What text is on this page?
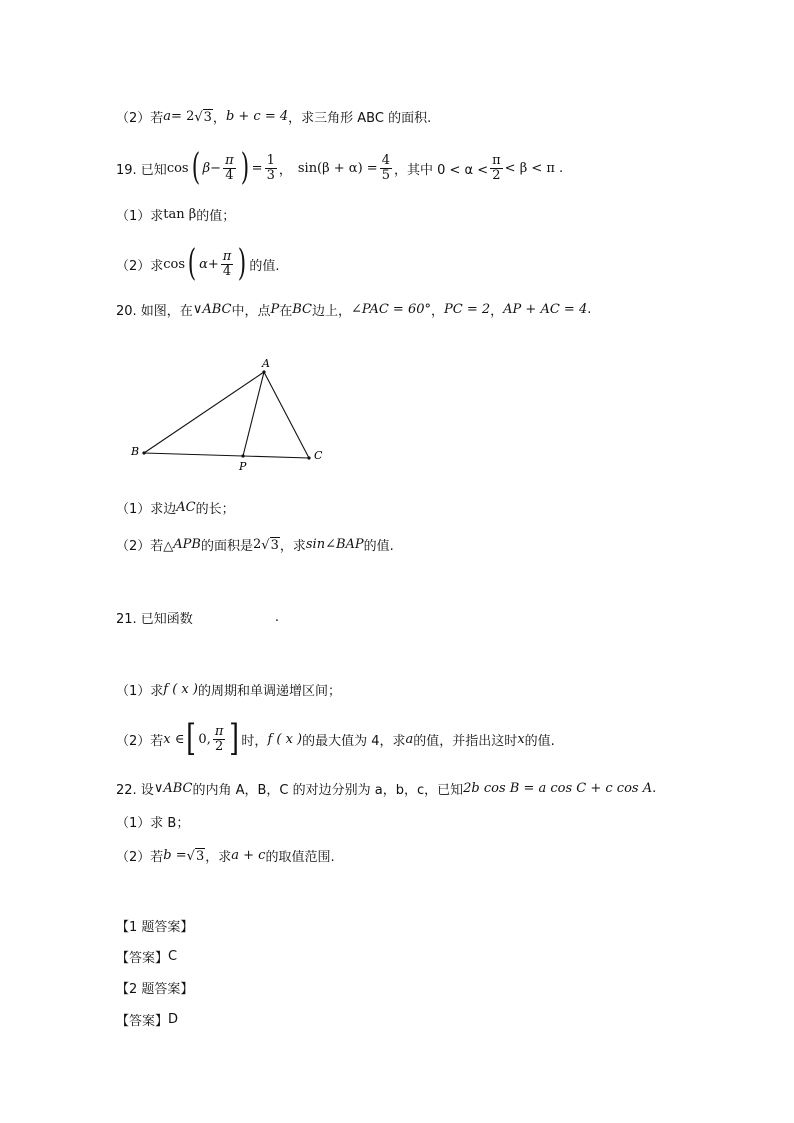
（2）若 a = 2 √ 3 ， b + c = 4 ，求三角形 ABC 的面积.
19. 已知 cos ( $\beta- \frac{\pi}{4}$ ) = $\frac{1}{3}$ ， $\sin(\beta + \alpha) = \frac{4}{5}$ ，其中 $0 < \alpha < \frac{\pi}{2} < \beta < \pi$ .
（1）求 tan β 的值；
（2）求 cos ( $\alpha+ \frac{\pi}{4}$ ) 的值.
20. 如图，在 ∨ABC 中，点 P 在 BC 边上， ∠PAC = 60° ， PC = 2 ， AP + AC = 4 .
A
B
P
C
（1）求边 AC 的长；
（2）若△ APB 的面积是 2 √ 3 ，求 sin∠BAP 的值.
21. 已知函数	.
（1）求 f ( x ) 的周期和单调递增区间；
（2）若 x ∈ [ 0, $\frac{\pi}{2}$ ] 时， f ( x ) 的最大值为 4，求 a 的值，并指出这时 x 的值.
22. 设 ∨ABC 的内角 A，B，C 的对边分别为 a，b，c，已知 2b cos B = a cos C + c cos A .
（1）求 B；
（2）若 b = √ 3 ，求 a + c 的取值范围.
【1 题答案】
【答案】 C
【2 题答案】
【答案】 D
